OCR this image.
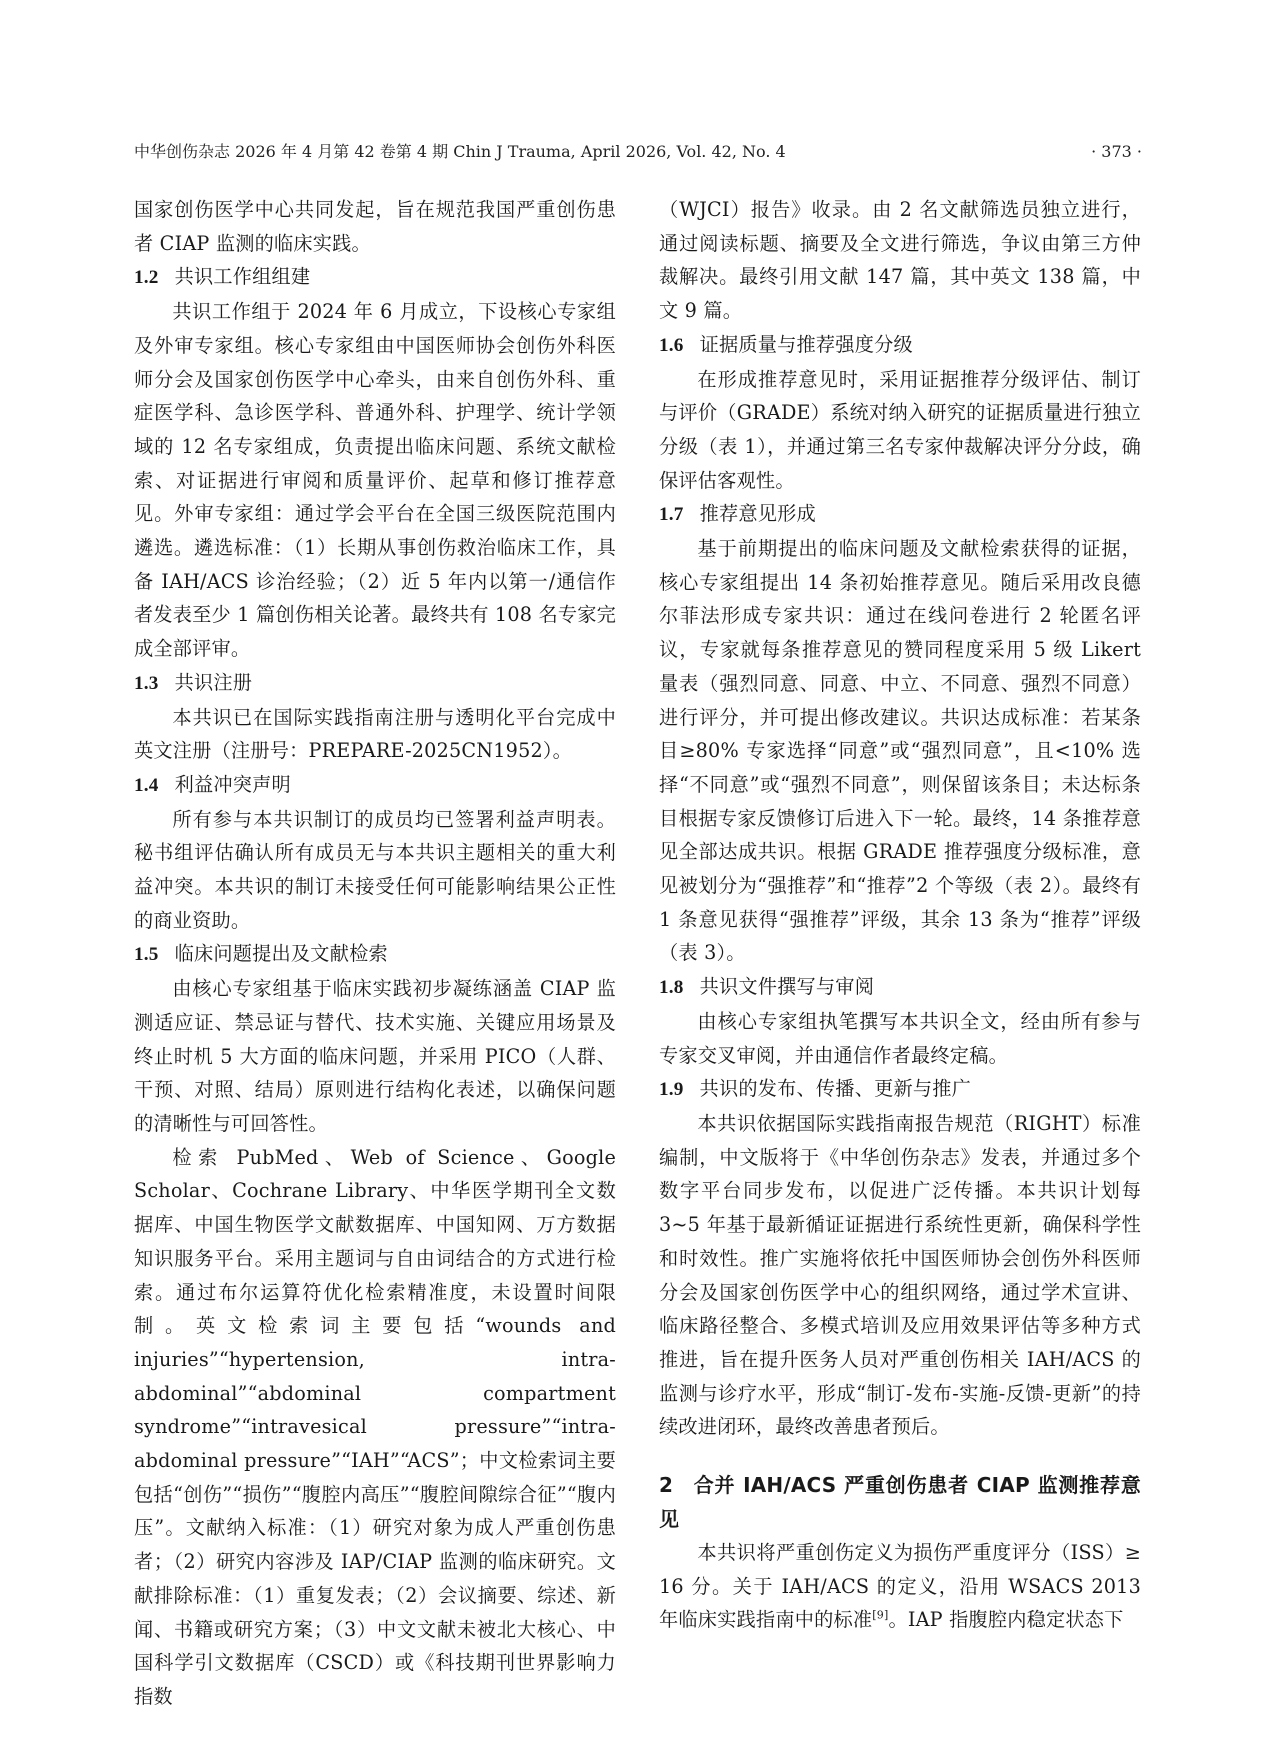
中华创伤杂志 2026 年 4 月第 42 卷第 4 期 Chin J Trauma, April 2026, Vol. 42, No. 4	· 373 ·

国家创伤医学中心共同发起，旨在规范我国严重创伤患者 CIAP 监测的临床实践。

1.2 共识工作组组建

共识工作组于 2024 年 6 月成立，下设核心专家组及外审专家组。核心专家组由中国医师协会创伤外科医师分会及国家创伤医学中心牵头，由来自创伤外科、重症医学科、急诊医学科、普通外科、护理学、统计学领域的 12 名专家组成，负责提出临床问题、系统文献检索、对证据进行审阅和质量评价、起草和修订推荐意见。外审专家组：通过学会平台在全国三级医院范围内遴选。遴选标准：（1）长期从事创伤救治临床工作，具备 IAH/ACS 诊治经验；（2）近 5 年内以第一/通信作者发表至少 1 篇创伤相关论著。最终共有 108 名专家完成全部评审。

1.3 共识注册

本共识已在国际实践指南注册与透明化平台完成中英文注册（注册号：PREPARE-2025CN1952）。

1.4 利益冲突声明

所有参与本共识制订的成员均已签署利益声明表。秘书组评估确认所有成员无与本共识主题相关的重大利益冲突。本共识的制订未接受任何可能影响结果公正性的商业资助。

1.5 临床问题提出及文献检索

由核心专家组基于临床实践初步凝练涵盖 CIAP 监测适应证、禁忌证与替代、技术实施、关键应用场景及终止时机 5 大方面的临床问题，并采用 PICO（人群、干预、对照、结局）原则进行结构化表述，以确保问题的清晰性与可回答性。

检索 PubMed、Web of Science、Google Scholar、Cochrane Library、中华医学期刊全文数据库、中国生物医学文献数据库、中国知网、万方数据知识服务平台。采用主题词与自由词结合的方式进行检索。通过布尔运算符优化检索精准度，未设置时间限制。英文检索词主要包括“wounds and injuries”“hypertension, intra-abdominal”“abdominal compartment syndrome”“intravesical pressure”“intra-abdominal pressure”“IAH”“ACS”；中文检索词主要包括“创伤”“损伤”“腹腔内高压”“腹腔间隙综合征”“腹内压”。文献纳入标准：（1）研究对象为成人严重创伤患者；（2）研究内容涉及 IAP/CIAP 监测的临床研究。文献排除标准：（1）重复发表；（2）会议摘要、综述、新闻、书籍或研究方案；（3）中文文献未被北大核心、中国科学引文数据库（CSCD）或《科技期刊世界影响力指数

（WJCI）报告》收录。由 2 名文献筛选员独立进行，通过阅读标题、摘要及全文进行筛选，争议由第三方仲裁解决。最终引用文献 147 篇，其中英文 138 篇，中文 9 篇。

1.6 证据质量与推荐强度分级

在形成推荐意见时，采用证据推荐分级评估、制订与评价（GRADE）系统对纳入研究的证据质量进行独立分级（表 1），并通过第三名专家仲裁解决评分分歧，确保评估客观性。

1.7 推荐意见形成

基于前期提出的临床问题及文献检索获得的证据，核心专家组提出 14 条初始推荐意见。随后采用改良德尔菲法形成专家共识：通过在线问卷进行 2 轮匿名评议，专家就每条推荐意见的赞同程度采用 5 级 Likert 量表（强烈同意、同意、中立、不同意、强烈不同意）进行评分，并可提出修改建议。共识达成标准：若某条目≥80% 专家选择“同意”或“强烈同意”，且<10% 选择“不同意”或“强烈不同意”，则保留该条目；未达标条目根据专家反馈修订后进入下一轮。最终，14 条推荐意见全部达成共识。根据 GRADE 推荐强度分级标准，意见被划分为“强推荐”和“推荐”2 个等级（表 2）。最终有 1 条意见获得“强推荐”评级，其余 13 条为“推荐”评级（表 3）。

1.8 共识文件撰写与审阅

由核心专家组执笔撰写本共识全文，经由所有参与专家交叉审阅，并由通信作者最终定稿。

1.9 共识的发布、传播、更新与推广

本共识依据国际实践指南报告规范（RIGHT）标准编制，中文版将于《中华创伤杂志》发表，并通过多个数字平台同步发布，以促进广泛传播。本共识计划每 3~5 年基于最新循证证据进行系统性更新，确保科学性和时效性。推广实施将依托中国医师协会创伤外科医师分会及国家创伤医学中心的组织网络，通过学术宣讲、临床路径整合、多模式培训及应用效果评估等多种方式推进，旨在提升医务人员对严重创伤相关 IAH/ACS 的监测与诊疗水平，形成“制订-发布-实施-反馈-更新”的持续改进闭环，最终改善患者预后。

2 合并 IAH/ACS 严重创伤患者 CIAP 监测推荐意见

本共识将严重创伤定义为损伤严重度评分（ISS）≥ 16 分。关于 IAH/ACS 的定义，沿用 WSACS 2013 年临床实践指南中的标准[9]。IAP 指腹腔内稳定状态下
